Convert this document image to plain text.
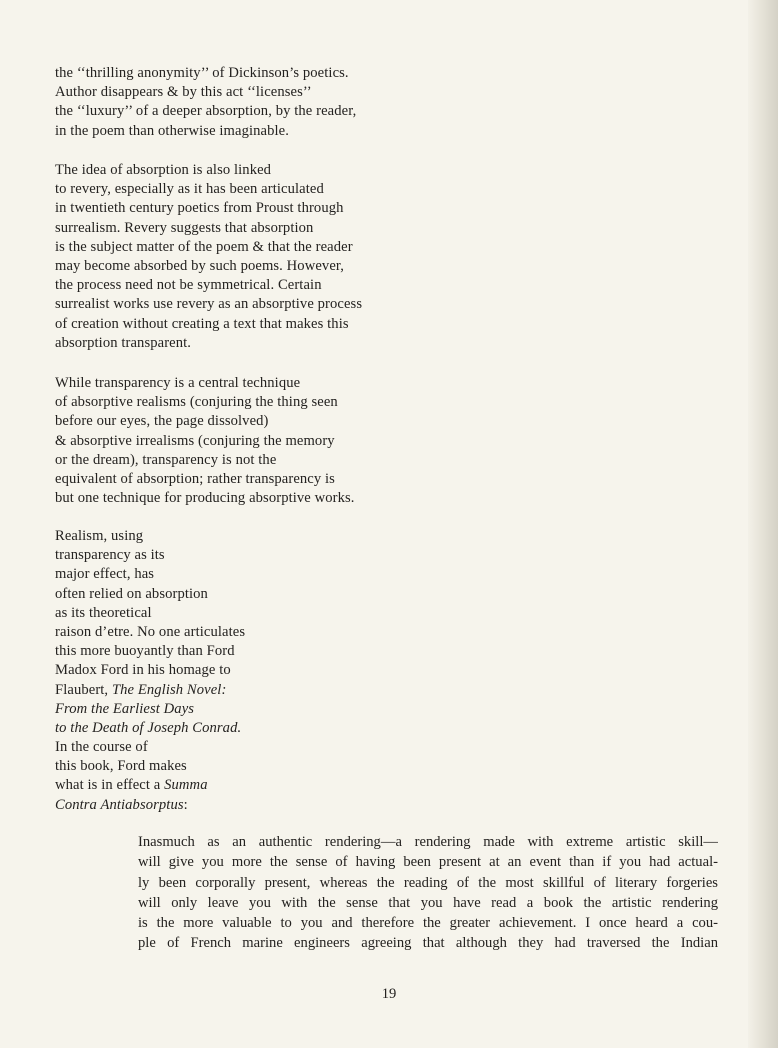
the ‘‘thrilling anonymity’’ of Dickinson’s poetics.
Author disappears & by this act ‘‘licenses’’
the ‘‘luxury’’ of a deeper absorption, by the reader,
in the poem than otherwise imaginable.
The idea of absorption is also linked
to revery, especially as it has been articulated
in twentieth century poetics from Proust through
surrealism. Revery suggests that absorption
is the subject matter of the poem & that the reader
may become absorbed by such poems. However,
the process need not be symmetrical. Certain
surrealist works use revery as an absorptive process
of creation without creating a text that makes this
absorption transparent.
While transparency is a central technique
of absorptive realisms (conjuring the thing seen
before our eyes, the page dissolved)
& absorptive irrealisms (conjuring the memory
or the dream), transparency is not the
equivalent of absorption; rather transparency is
but one technique for producing absorptive works.
Realism, using
transparency as its
major effect, has
often relied on absorption
as its theoretical
raison d’etre. No one articulates
this more buoyantly than Ford
Madox Ford in his homage to
Flaubert, The English Novel:
From the Earliest Days
to the Death of Joseph Conrad.
In the course of
this book, Ford makes
what is in effect a Summa
Contra Antiabsorptus:
Inasmuch as an authentic rendering—a rendering made with extreme artistic skill—
will give you more the sense of having been present at an event than if you had actual-
ly been corporally present, whereas the reading of the most skillful of literary forgeries
will only leave you with the sense that you have read a book the artistic rendering
is the more valuable to you and therefore the greater achievement. I once heard a cou-
ple of French marine engineers agreeing that although they had traversed the Indian
19
